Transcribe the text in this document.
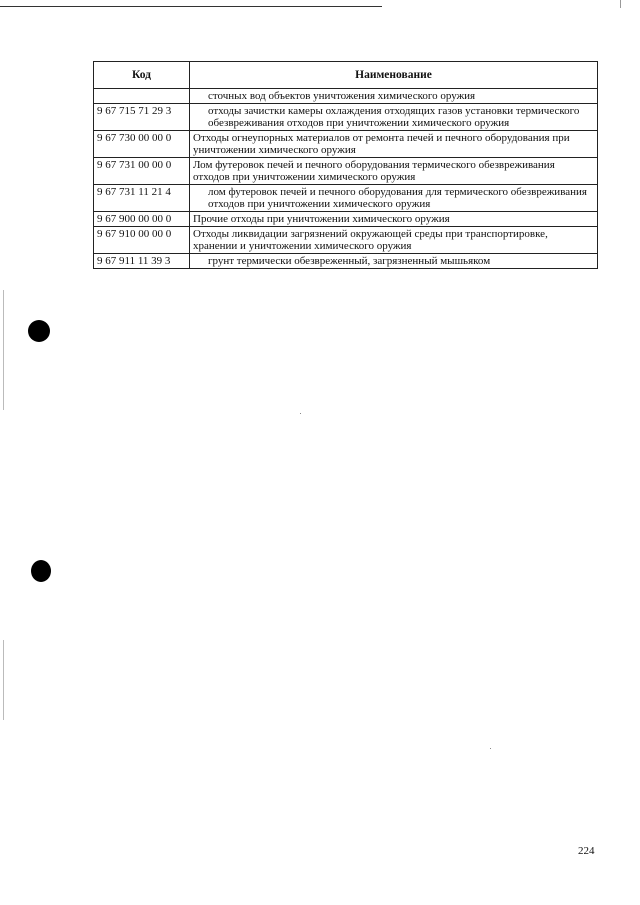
Код	Наименование
	сточных вод объектов уничтожения химического оружия
9 67 715 71 29 3	отходы зачистки камеры охлаждения отходящих газов установки термического обезвреживания отходов при уничтожении химического оружия
9 67 730 00 00 0	Отходы огнеупорных материалов от ремонта печей и печного оборудования при уничтожении химического оружия
9 67 731 00 00 0	Лом футеровок печей и печного оборудования термического обезвреживания отходов при уничтожении химического оружия
9 67 731 11 21 4	лом футеровок печей и печного оборудования для термического обезвреживания отходов при уничтожении химического оружия
9 67 900 00 00 0	Прочие отходы при уничтожении химического оружия
9 67 910 00 00 0	Отходы ликвидации загрязнений окружающей среды при транспортировке, хранении и уничтожении химического оружия
9 67 911 11 39 3	грунт термически обезвреженный, загрязненный мышьяком
224
